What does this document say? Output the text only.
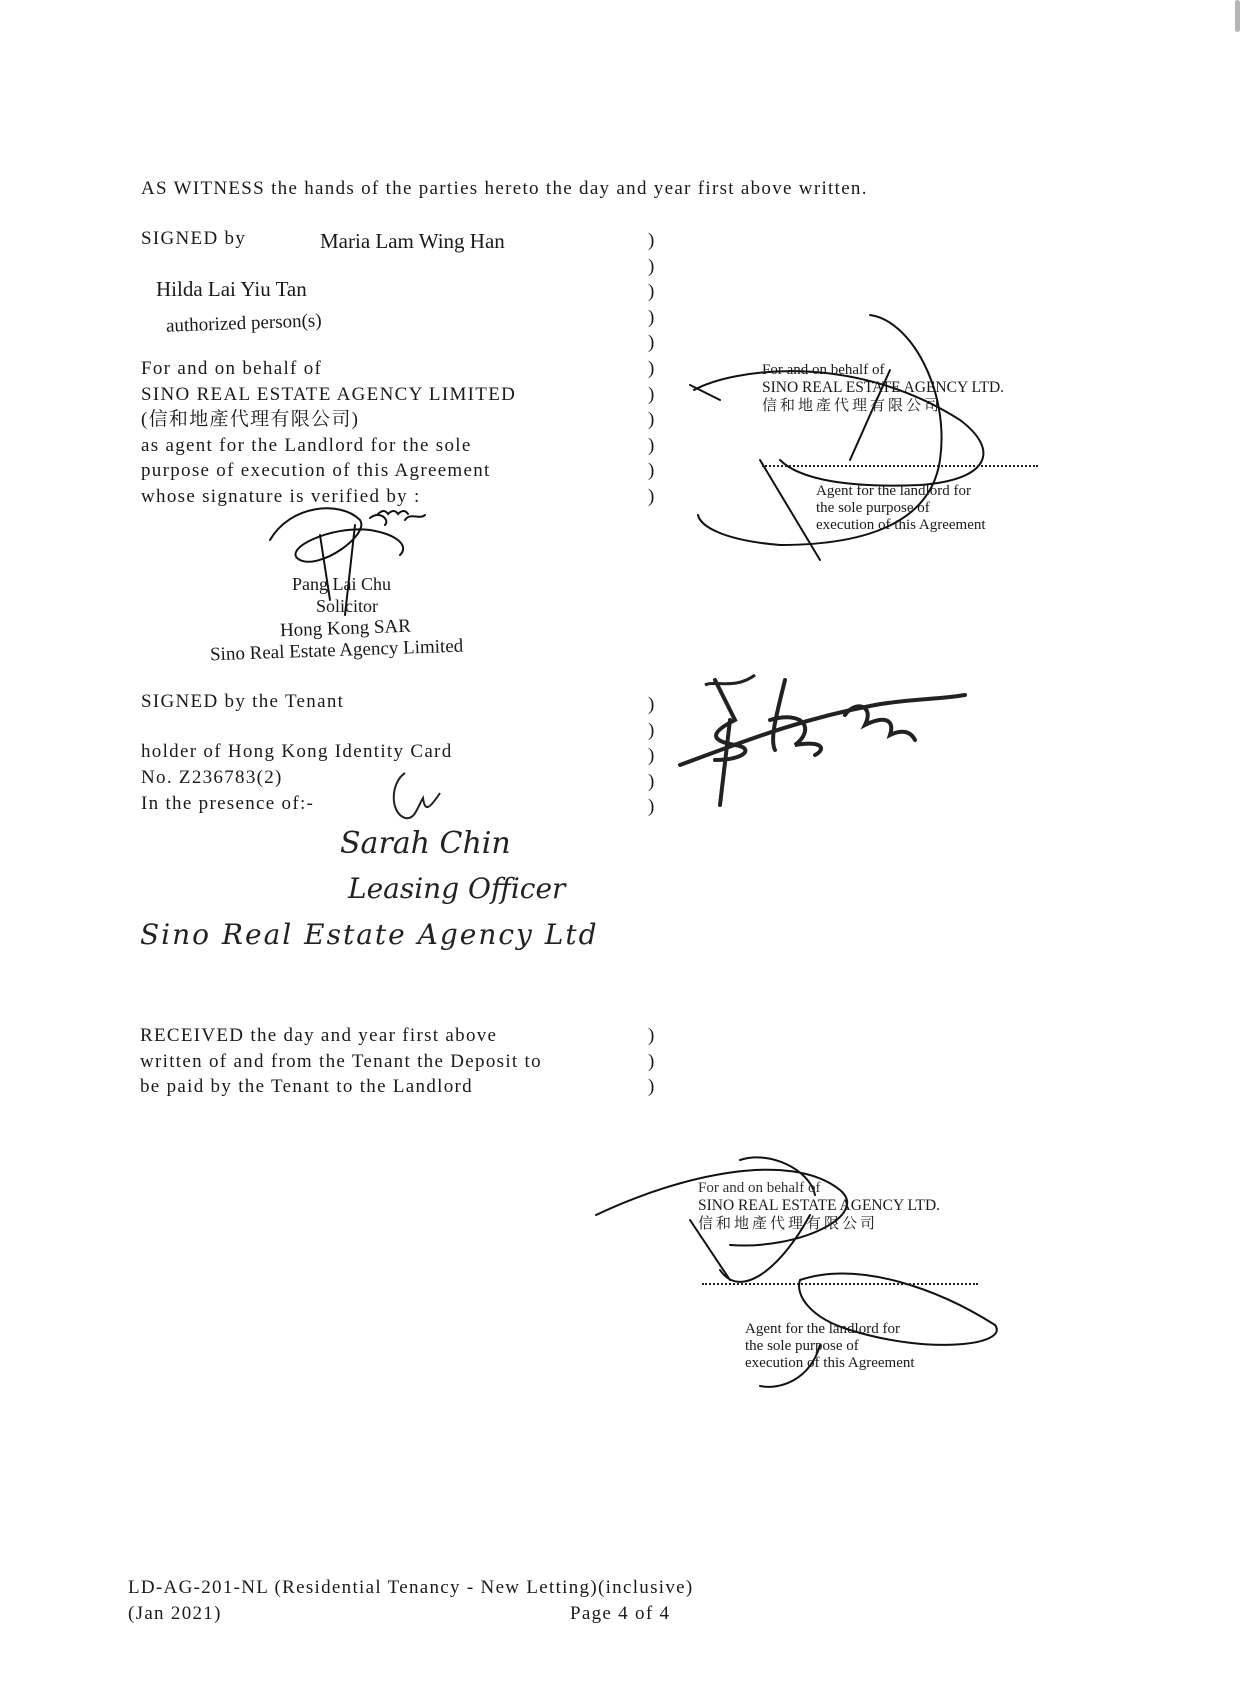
AS WITNESS the hands of the parties hereto the day and year first above written.
SIGNED by	Maria Lam Wing Han
Hilda Lai Yiu Tan
authorized person(s)
For and on behalf of
SINO REAL ESTATE AGENCY LIMITED
(信和地產代理有限公司)
as agent for the Landlord for the sole
purpose of execution of this Agreement
whose signature is verified by :
)
)
)
)
)
)
)
)
)
)
)
Pang Lai Chu
Solicitor
Hong Kong SAR
Sino Real Estate Agency Limited
For and on behalf of
SINO REAL ESTATE AGENCY LTD.
信和地產代理有限公司
Agent for the landlord for
the sole purpose of
execution of this Agreement
SIGNED by the Tenant
holder of Hong Kong Identity Card
No. Z236783(2)
In the presence of:-
)
)
)
)
)
Sarah Chin
Leasing Officer
Sino Real Estate Agency Ltd
RECEIVED the day and year first above
written of and from the Tenant the Deposit to
be paid by the Tenant to the Landlord
)
)
)
For and on behalf of
SINO REAL ESTATE AGENCY LTD.
信和地產代理有限公司
Agent for the landlord for
the sole purpose of
execution of this Agreement
LD-AG-201-NL (Residential Tenancy - New Letting)(inclusive)
(Jan 2021)	Page 4 of 4
